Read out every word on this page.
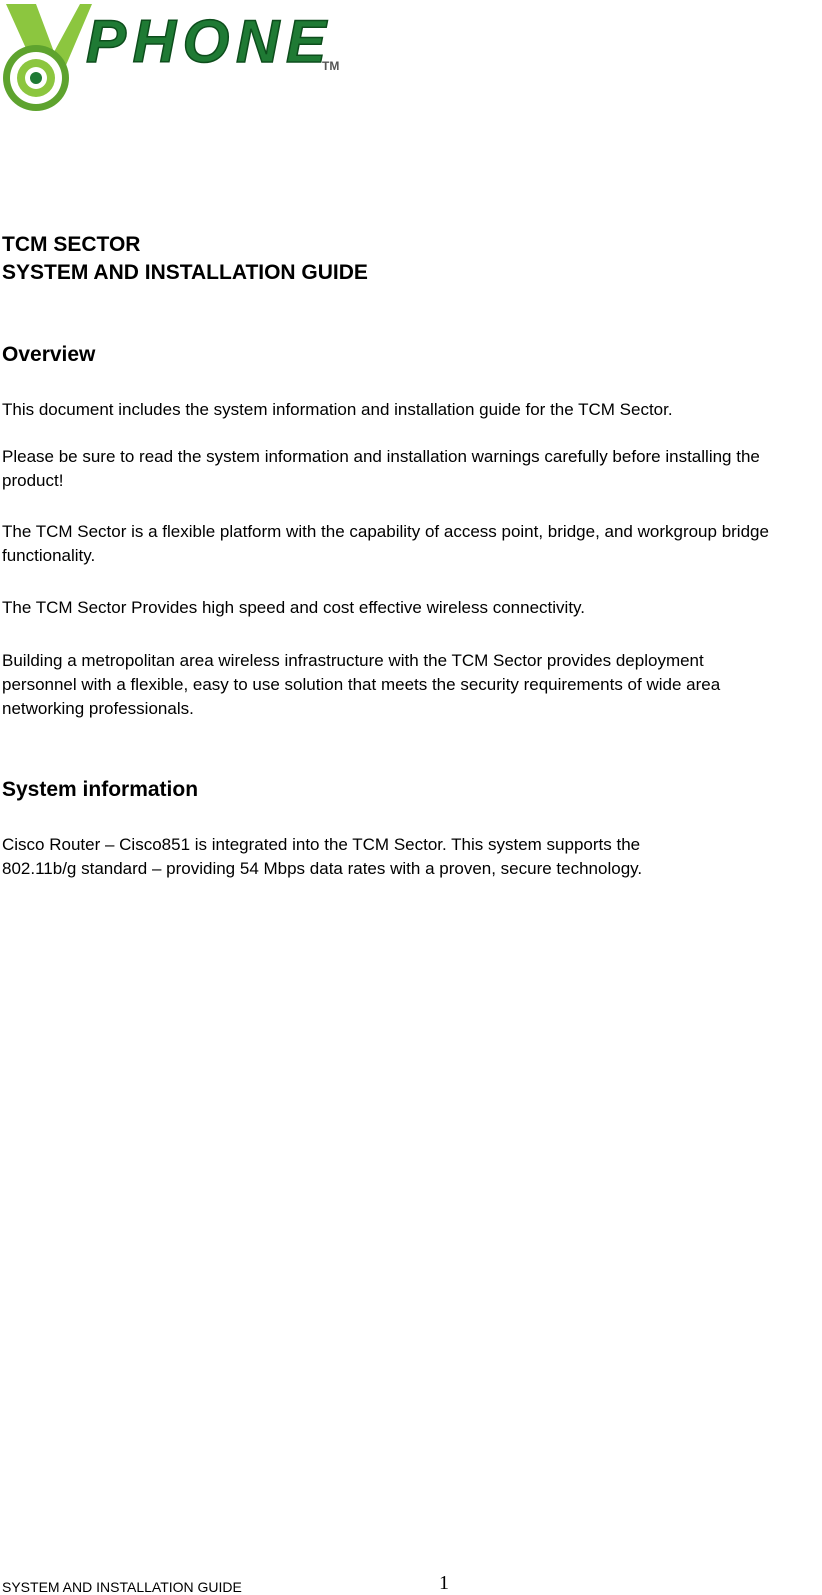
PHONE
TM
TCM SECTOR
SYSTEM AND INSTALLATION GUIDE
Overview
This document includes the system information and installation guide for the TCM Sector.
Please be sure to read the system information and installation warnings carefully before installing the product!
The TCM Sector is a flexible platform with the capability of access point, bridge, and workgroup bridge functionality.
The TCM Sector Provides high speed and cost effective wireless connectivity.
Building a metropolitan area wireless infrastructure with the TCM Sector provides deployment personnel with a flexible, easy to use solution that meets the security requirements of wide area networking professionals.
System information
Cisco Router – Cisco851 is integrated into the TCM Sector. This system supports the
802.11b/g standard – providing 54 Mbps data rates with a proven, secure technology.
SYSTEM AND INSTALLATION GUIDE	1
